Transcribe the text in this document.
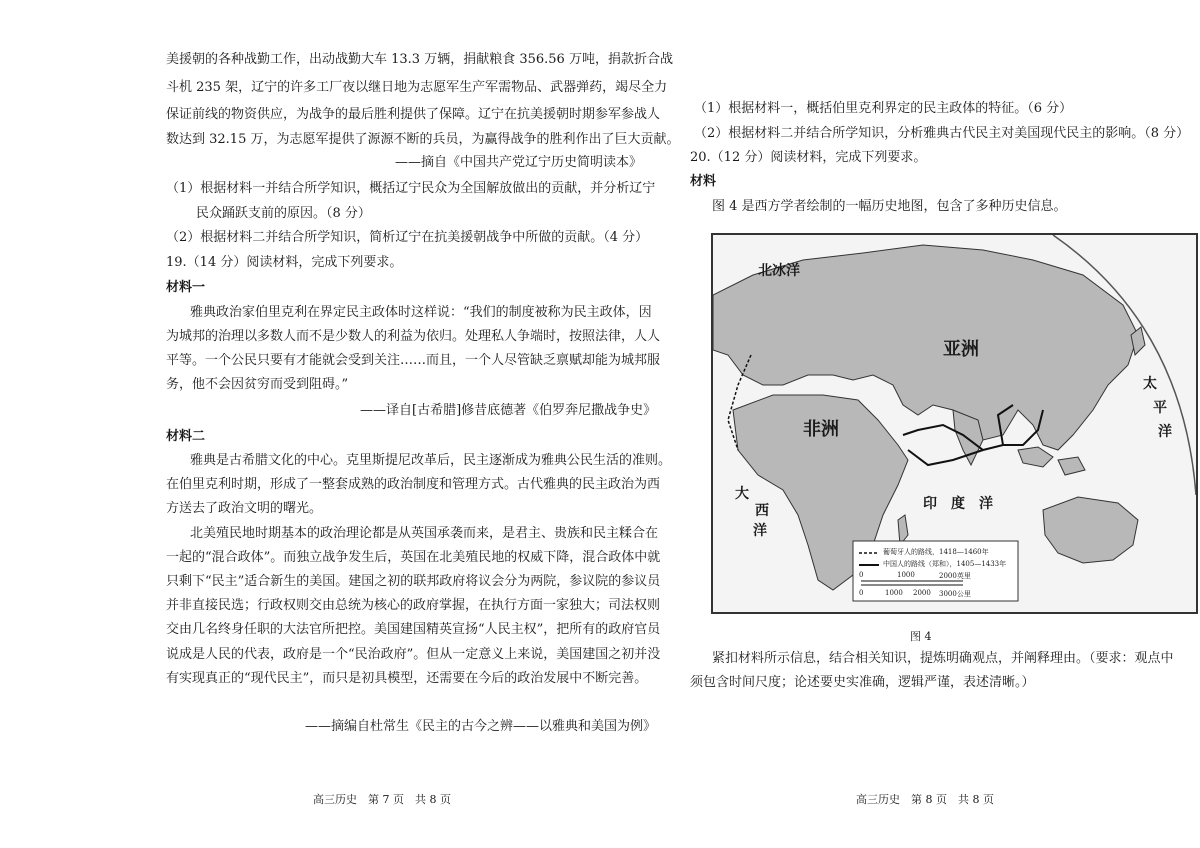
美援朝的各种战勤工作，出动战勤大车 13.3 万辆，捐献粮食 356.56 万吨，捐款折合战
斗机 235 架，辽宁的许多工厂夜以继日地为志愿军生产军需物品、武器弹药，竭尽全力
保证前线的物资供应，为战争的最后胜利提供了保障。辽宁在抗美援朝时期参军参战人
数达到 32.15 万，为志愿军提供了源源不断的兵员，为赢得战争的胜利作出了巨大贡献。
——摘自《中国共产党辽宁历史简明读本》
（1）根据材料一并结合所学知识，概括辽宁民众为全国解放做出的贡献，并分析辽宁
民众踊跃支前的原因。（8 分）
（2）根据材料二并结合所学知识，简析辽宁在抗美援朝战争中所做的贡献。（4 分）
19.（14 分）阅读材料，完成下列要求。
材料一
雅典政治家伯里克利在界定民主政体时这样说：“我们的制度被称为民主政体，因
为城邦的治理以多数人而不是少数人的利益为依归。处理私人争端时，按照法律，人人
平等。一个公民只要有才能就会受到关注……而且，一个人尽管缺乏禀赋却能为城邦服
务，他不会因贫穷而受到阻碍。”
——译自[古希腊]修昔底德著《伯罗奔尼撒战争史》
材料二
雅典是古希腊文化的中心。克里斯提尼改革后，民主逐渐成为雅典公民生活的准则。
在伯里克利时期，形成了一整套成熟的政治制度和管理方式。古代雅典的民主政治为西
方送去了政治文明的曙光。
北美殖民地时期基本的政治理论都是从英国承袭而来，是君主、贵族和民主糅合在
一起的“混合政体”。而独立战争发生后，英国在北美殖民地的权威下降，混合政体中就
只剩下“民主”适合新生的美国。建国之初的联邦政府将议会分为两院，参议院的参议员
并非直接民选；行政权则交由总统为核心的政府掌握，在执行方面一家独大；司法权则
交由几名终身任职的大法官所把控。美国建国精英宣扬“人民主权”，把所有的政府官员
说成是人民的代表，政府是一个“民治政府”。但从一定意义上来说，美国建国之初并没
有实现真正的“现代民主”，而只是初具模型，还需要在今后的政治发展中不断完善。
——摘编自杜常生《民主的古今之辨——以雅典和美国为例》
高三历史　第 7 页　共 8 页
（1）根据材料一，概括伯里克利界定的民主政体的特征。（6 分）
（2）根据材料二并结合所学知识，分析雅典古代民主对美国现代民主的影响。（8 分）
20.（12 分）阅读材料，完成下列要求。
材料
图 4 是西方学者绘制的一幅历史地图，包含了多种历史信息。
北冰洋
亚洲
非洲
太
平
洋
大
西
洋
印　度　洋
葡萄牙人的路线，1418—1460年
中国人的路线（郑和），1405—1433年
0	1000	2000英里
0	1000 2000 3000公里
图 4
紧扣材料所示信息，结合相关知识，提炼明确观点，并阐释理由。（要求：观点中
须包含时间尺度；论述要史实准确，逻辑严谨，表述清晰。）
高三历史　第 8 页　共 8 页
